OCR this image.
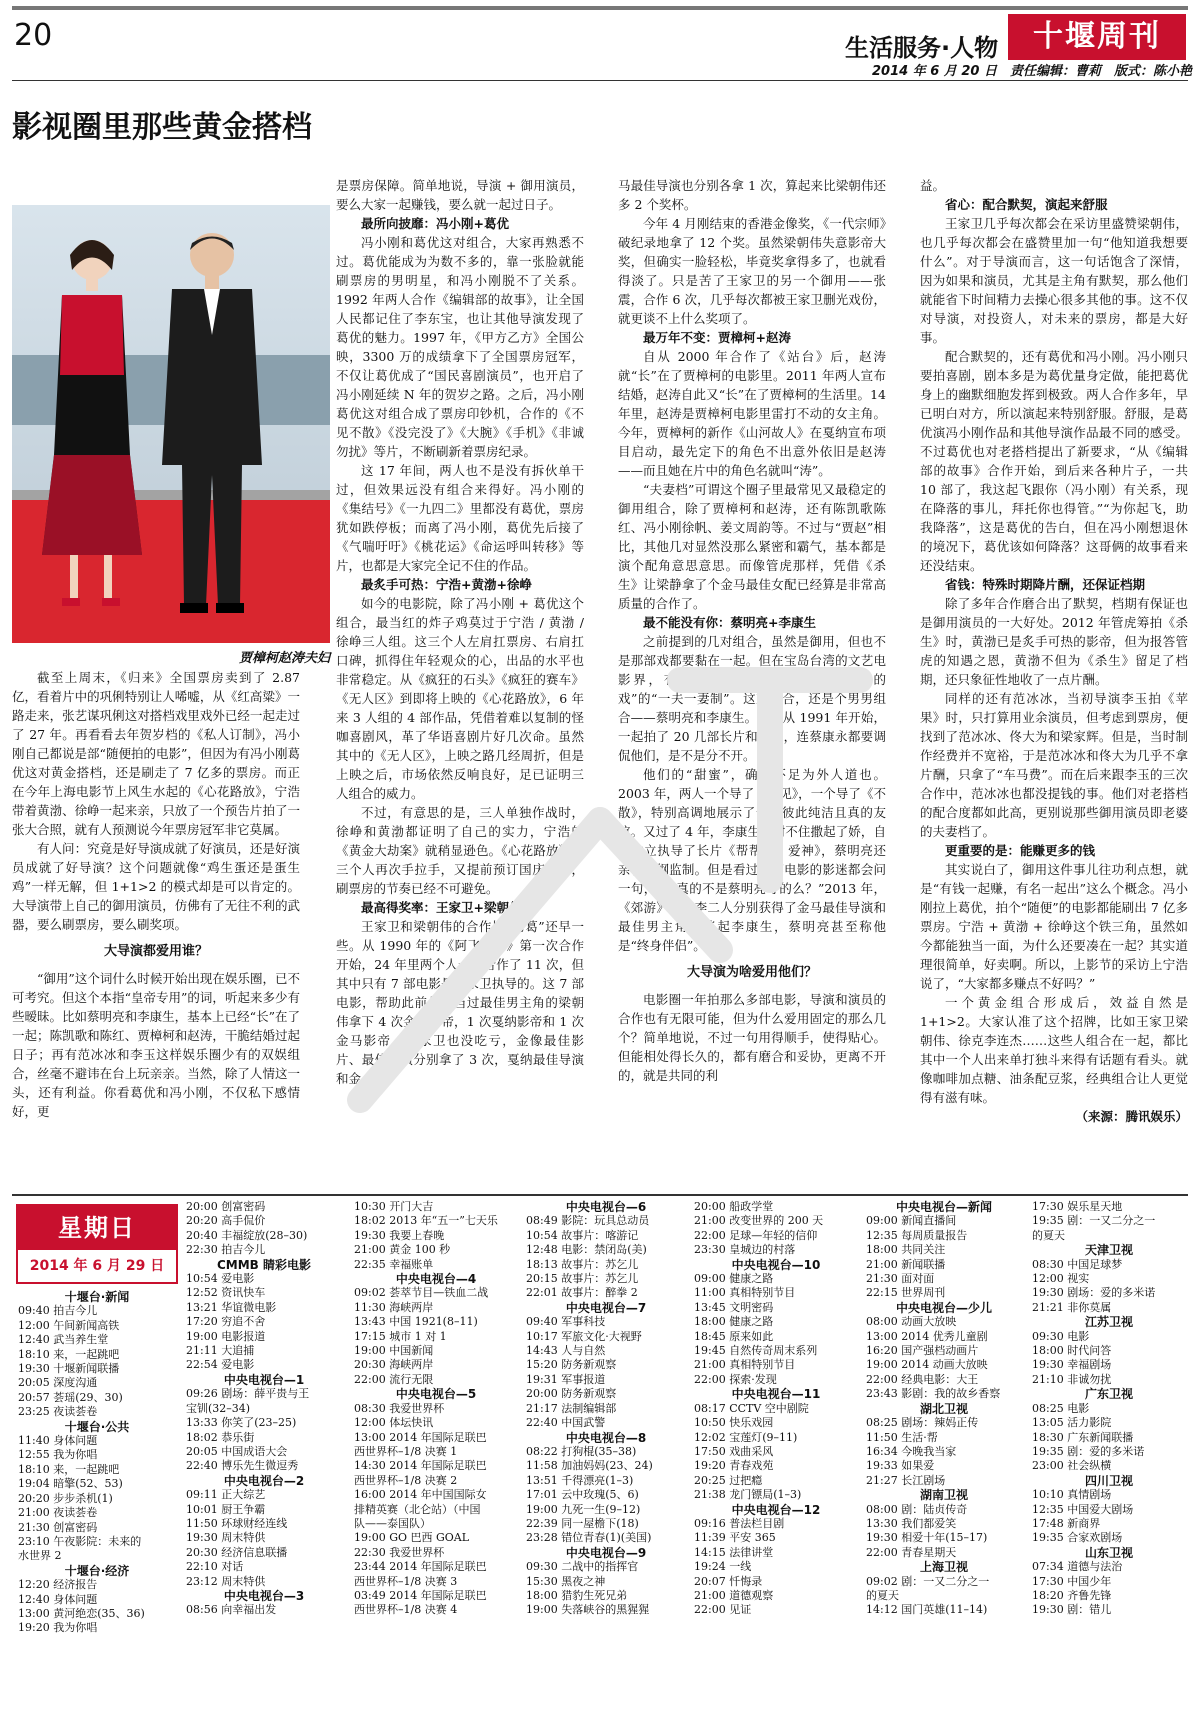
20	生活服务·人物	十堰周刊
2014 年 6 月 20 日　责任编辑：曹莉　版式：陈小艳
影视圈里那些黄金搭档
贾樟柯赵涛夫妇

截至上周末，《归来》全国票房卖到了 2.87 亿，看着片中的巩俐特别让人唏嘘，从《红高粱》一路走来，张艺谋巩俐这对搭档戏里戏外已经一起走过了 27 年。再看看去年贺岁档的《私人订制》，冯小刚自己都说是部“随便拍的电影”，但因为有冯小刚葛优这对黄金搭档，还是刷走了 7 亿多的票房。而正在今年上海电影节上风生水起的《心花路放》，宁浩带着黄渤、徐峥一起来亲，只放了一个预告片拍了一张大合照，就有人预测说今年票房冠军非它莫属。

有人问：究竟是好导演成就了好演员，还是好演员成就了好导演？这个问题就像“鸡生蛋还是蛋生鸡”一样无解，但 1+1>2 的模式却是可以肯定的。大导演带上自己的御用演员，仿佛有了无往不利的武器，要么刷票房，要么刷奖项。

大导演都爱用谁？

“御用”这个词什么时候开始出现在娱乐圈，已不可考究。但这个本指“皇帝专用”的词，听起来多少有些暧昧。比如蔡明亮和李康生，基本上已经“长”在了一起；陈凯歌和陈红、贾樟柯和赵涛，干脆结婚过起日子；再有范冰冰和李玉这样娱乐圈少有的双娱组合，丝毫不避讳在台上玩亲亲。当然，除了人情这一头，还有利益。你看葛优和冯小刚，不仅私下感情好，更

是票房保障。简单地说，导演 + 御用演员，要么大家一起赚钱，要么就一起过日子。

最所向披靡：冯小刚+葛优

冯小刚和葛优这对组合，大家再熟悉不过。葛优能成为为数不多的，靠一张脸就能刷票房的男明星，和冯小刚脱不了关系。1992 年两人合作《编辑部的故事》，让全国人民都记住了李东宝，也让其他导演发现了葛优的魅力。1997 年，《甲方乙方》全国公映，3300 万的成绩拿下了全国票房冠军，不仅让葛优成了“国民喜剧演员”，也开启了冯小刚延续 N 年的贺岁之路。之后，冯小刚葛优这对组合成了票房印钞机，合作的《不见不散》《没完没了》《大腕》《手机》《非诚勿扰》等片，不断刷新着票房纪录。

这 17 年间，两人也不是没有拆伙单干过，但效果远没有组合来得好。冯小刚的《集结号》《一九四二》里都没有葛优，票房犹如跌停板；而离了冯小刚，葛优先后接了《气喘吁吁》《桃花运》《命运呼叫转移》等片，也都是大家完全记不住的作品。

最炙手可热：宁浩+黄渤+徐峥

如今的电影院，除了冯小刚 + 葛优这个组合，最当红的炸子鸡莫过于宁浩 / 黄渤 / 徐峥三人组。这三个人左肩扛票房、右肩扛口碑，抓得住年轻观众的心，出品的水平也非常稳定。从《疯狂的石头》《疯狂的赛车》《无人区》到即将上映的《心花路放》，6 年来 3 人组的 4 部作品，凭借着难以复制的怪咖喜剧风，革了华语喜剧片好几次命。虽然其中的《无人区》，上映之路几经周折，但是上映之后，市场依然反响良好，足已证明三人组合的威力。

不过，有意思的是，三人单独作战时，徐峥和黄渤都证明了自己的实力，宁浩的《黄金大劫案》就稍显逊色。《心花路放》让三个人再次手拉手，又提前预订国庆档期，刷票房的节奏已经不可避免。

最高得奖率：王家卫+梁朝伟

王家卫和梁朝伟的合作比“冯葛”还早一些。从 1990 年的《阿飞正传》第一次合作开始，24 年里两个人一共合作了 11 次，但其中只有 7 部电影是王家卫执导的。这 7 部电影，帮助此前从没当过最佳男主角的梁朝伟拿下 4 次金像影帝，1 次戛纳影帝和 1 次金马影帝。王家卫也没吃亏，金像最佳影片、最佳导演分别拿了 3 次，戛纳最佳导演和金

马最佳导演也分别各拿 1 次，算起来比梁朝伟还多 2 个奖杯。

今年 4 月刚结束的香港金像奖，《一代宗师》破纪录地拿了 12 个奖。虽然梁朝伟失意影帝大奖，但确实一脸轻松，毕竟奖拿得多了，也就看得淡了。只是苦了王家卫的另一个御用——张震，合作 6 次，几乎每次都被王家卫删光戏份，就更谈不上什么奖项了。

最万年不变：贾樟柯+赵涛

自从 2000 年合作了《站台》后，赵涛就“长”在了贾樟柯的电影里。2011 年两人宣布结婚，赵涛自此又“长”在了贾樟柯的生活里。14 年里，赵涛是贾樟柯电影里雷打不动的女主角。今年，贾樟柯的新作《山河故人》在戛纳宣布项目启动，最先定下的角色不出意外依旧是赵涛——而且她在片中的角色名就叫“涛”。

“夫妻档”可谓这个圈子里最常见又最稳定的御用组合，除了贾樟柯和赵涛，还有陈凯歌陈红、冯小刚徐帆、姜文周韵等。不过与“贾赵”相比，其他几对显然没那么紧密和霸气，基本都是演个配角意思意思。而像管虎那样，凭借《杀生》让梁静拿了个金马最佳女配已经算是非常高质量的合作了。

最不能没有你：蔡明亮+李康生

之前提到的几对组合，虽然是御用，但也不是那部戏都要黏在一起。但在宝岛台湾的文艺电影界，有一对组合堪称“我只拍 / 导你的戏”的“一夫一妻制”。这对组合，还是个男男组合——蔡明亮和李康生。两人从 1991 年开始，一起拍了 20 几部长片和短片，连蔡康永都要调侃他们，是不是分不开。

他们的“甜蜜”，确实不足为外人道也。2003 年，两人一个导了《不见》，一个导了《不散》，特别高调地展示了一下彼此纯洁且真的友谊。又过了 4 年，李康生又耐不住撒起了娇，自己独立执导了长片《帮帮我，爱神》，蔡明亮还亲自担纲监制。但是看过这部电影的影迷都会问一句，“这真的不是蔡明亮导的么？”2013 年，《郊游》让蔡李二人分别获得了金马最佳导演和最佳男主角，谈起李康生，蔡明亮甚至称他是“终身伴侣”。

大导演为啥爱用他们？

电影圈一年拍那么多部电影，导演和演员的合作也有无限可能，但为什么爱用固定的那么几个？简单地说，不过一句用得顺手，使得贴心。但能相处得长久的，都有磨合和妥协，更离不开的，就是共同的利

益。

省心：配合默契，演起来舒服

王家卫几乎每次都会在采访里盛赞梁朝伟，也几乎每次都会在盛赞里加一句“他知道我想要什么”。对于导演而言，这一句话饱含了深情，因为如果和演员，尤其是主角有默契，那么他们就能省下时间精力去操心很多其他的事。这不仅对导演，对投资人，对未来的票房，都是大好事。

配合默契的，还有葛优和冯小刚。冯小刚只要拍喜剧，剧本多是为葛优量身定做，能把葛优身上的幽默细胞发挥到极致。两人合作多年，早已明白对方，所以演起来特别舒服。舒服，是葛优演冯小刚作品和其他导演作品最不同的感受。不过葛优也对老搭档提出了新要求，“从《编辑部的故事》合作开始，到后来各种片子，一共 10 部了，我这起飞跟你（冯小刚）有关系，现在降落的事儿，拜托你也得管。”“为你起飞，助我降落”，这是葛优的告白，但在冯小刚想退休的境况下，葛优该如何降落？这哥俩的故事看来还没结束。

省钱：特殊时期降片酬，还保证档期

除了多年合作磨合出了默契，档期有保证也是御用演员的一大好处。2012 年管虎筹拍《杀生》时，黄渤已是炙手可热的影帝，但为报答管虎的知遇之恩，黄渤不但为《杀生》留足了档期，还只象征性地收了一点片酬。

同样的还有范冰冰，当初导演李玉拍《苹果》时，只打算用业余演员，但考虑到票房，便找到了范冰冰、佟大为和梁家辉。但是，当时制作经费并不宽裕，于是范冰冰和佟大为几乎不拿片酬，只拿了“车马费”。而在后来跟李玉的三次合作中，范冰冰也都没提钱的事。他们对老搭档的配合度都如此高，更别说那些御用演员即老婆的夫妻档了。

更重要的是：能赚更多的钱

其实说白了，御用这件事儿往功利点想，就是“有钱一起赚，有名一起出”这么个概念。冯小刚拉上葛优，拍个“随便”的电影都能刷出 7 亿多票房。宁浩 + 黄渤 + 徐峥这个铁三角，虽然如今都能独当一面，为什么还要凑在一起？其实道理很简单，好卖啊。所以，上影节的采访上宁浩说了，“大家都多赚点不好吗？”

一个黄金组合形成后，效益自然是 1+1>2。大家认准了这个招牌，比如王家卫梁朝伟、徐克李连杰……这些人组合在一起，都比其中一个人出来单打独斗来得有话题有看头。就像咖啡加点糖、油条配豆浆，经典组合让人更觉得有滋有味。

（来源：腾讯娱乐）
星期日
2014 年 6 月 29 日
十堰台·新闻
09:40 拍吉今儿
12:00 午间新闻高铁
12:40 武当养生堂
18:10 来，一起跳吧
19:30 十堰新闻联播
20:05 深度沟通
20:57 荟瑶(29、30)
23:25 夜读荟卷
十堰台·公共
11:40 身体问题
12:55 我为你唱
18:10 来，一起跳吧
19:04 暗擎(52、53)
20:20 步步杀机(1)
21:00 夜读荟卷
21:30 创富密码
23:10 午夜影院：未来的
水世界 2
十堰台·经济
12:20 经济报告
12:40 身体问题
13:00 黄河绝恋(35、36)
19:20 我为你唱
20:00 创富密码
20:20 高手侃价
20:40 丰福绽放(28–30)
22:30 拍吉今儿
CMMB 睛彩电影
10:54 爱电影
12:52 资讯快车
13:21 华谊微电影
17:20 穷追不舍
19:00 电影报道
21:11 大追捕
22:54 爱电影
中央电视台—1
09:26 剧场：薛平贵与王
宝钏(32–34)
13:33 你笑了(23–25)
18:02 恭乐街
20:05 中国成语大会
22:40 博乐先生微逗秀
中央电视台—2
09:11 正大综艺
10:01 厨王争霸
11:50 环球财经连线
19:30 周末特供
20:30 经济信息联播
22:10 对话
23:12 周末特供
中央电视台—3
08:56 向幸福出发
10:30 开门大吉
18:02 2013 年“五一”七天乐
19:30 我要上春晚
21:00 黄金 100 秒
22:35 幸福账单
中央电视台—4
09:02 荟萃节目—铁血二战
11:30 海峡两岸
13:43 中国 1921(8–11)
17:15 城市 1 对 1
19:00 中国新闻
20:30 海峡两岸
22:00 流行无限
中央电视台—5
08:30 我爱世界杯
12:00 体坛快讯
13:00 2014 年国际足联巴
西世界杯–1/8 决赛 1
14:30 2014 年国际足联巴
西世界杯–1/8 决赛 2
16:00 2014 年中国国际女
排精英赛（北仑站）（中国
队——泰国队）
19:00 GO 巴西 GOAL
22:30 我爱世界杯
23:44 2014 年国际足联巴
西世界杯–1/8 决赛 3
03:49 2014 年国际足联巴
西世界杯–1/8 决赛 4
中央电视台—6
08:49 影院：玩具总动员
10:54 故事片：喀游记
12:48 电影：禁闭岛(美)
18:13 故事片：苏乞儿
20:15 故事片：苏乞儿
22:01 故事片：醉拳 2
中央电视台—7
09:40 军事科技
10:17 军旅文化·大视野
14:43 人与自然
15:20 防务新观察
19:31 军事报道
20:00 防务新观察
21:17 法制编辑部
22:40 中国武警
中央电视台—8
08:22 打狗棍(35–38)
11:58 加油妈妈(23、24)
13:51 千得漂亮(1–3)
17:01 云中玫瑰(5、6)
19:00 九死一生(9–12)
22:39 同一屋檐下(18)
23:28 错位青春(1)(美国)
中央电视台—9
09:30 二战中的指挥官
15:30 黑夜之神
18:00 猎豹生死兄弟
19:00 失落峡谷的黑猩猩
20:00 船政学堂
21:00 改变世界的 200 天
22:00 足球—年轻的信仰
23:30 皇城边的村落
中央电视台—10
09:00 健康之路
11:00 真相特别节目
13:45 文明密码
18:00 健康之路
18:45 原来如此
19:45 自然传奇周末系列
21:00 真相特别节目
22:00 探索·发现
中央电视台—11
08:17 CCTV 空中剧院
10:50 快乐戏园
12:02 宝莲灯(9–11)
17:50 戏曲采风
19:20 青春戏苑
20:25 过把瘾
21:38 龙门镖局(1–3)
中央电视台—12
09:16 普法栏目剧
11:39 平安 365
14:15 法律讲堂
19:24 一线
20:07 忏悔录
21:00 道德观察
22:00 见证
中央电视台—新闻
09:00 新闻直播间
12:35 每周质量报告
18:00 共同关注
21:00 新闻联播
21:30 面对面
22:15 世界周刊
中央电视台—少儿
08:00 动画大放映
13:00 2014 优秀儿童剧
16:20 国产强档动画片
19:00 2014 动画大放映
22:00 经典电影：大王
23:43 影剧：我的故乡香察
湖北卫视
08:25 剧场：辣妈正传
11:50 生活·帮
16:34 今晚我当家
19:33 如果爱
21:27 长江剧场
湖南卫视
08:00 剧：陆贞传奇
13:30 我们都爱笑
19:30 相爱十年(15–17)
22:00 青春星期天
上海卫视
09:02 剧：一又二分之一
的夏天
14:12 国门英雄(11–14)
17:30 娱乐星天地
19:35 剧：一又二分之一
的夏天
天津卫视
08:30 中国足球梦
12:00 视实
19:30 剧场：爱的多米诺
21:21 非你莫属
江苏卫视
09:30 电影
18:00 时代问答
19:30 幸福剧场
21:10 非诚勿扰
广东卫视
08:25 电影
13:05 活力影院
18:30 广东新闻联播
19:35 剧：爱的多米诺
23:00 社会纵横
四川卫视
10:10 真情剧场
12:35 中国爱大剧场
17:48 新商界
19:35 合家欢剧场
山东卫视
07:34 道德与法治
17:30 中国少年
18:20 齐鲁先锋
19:30 剧：错儿
